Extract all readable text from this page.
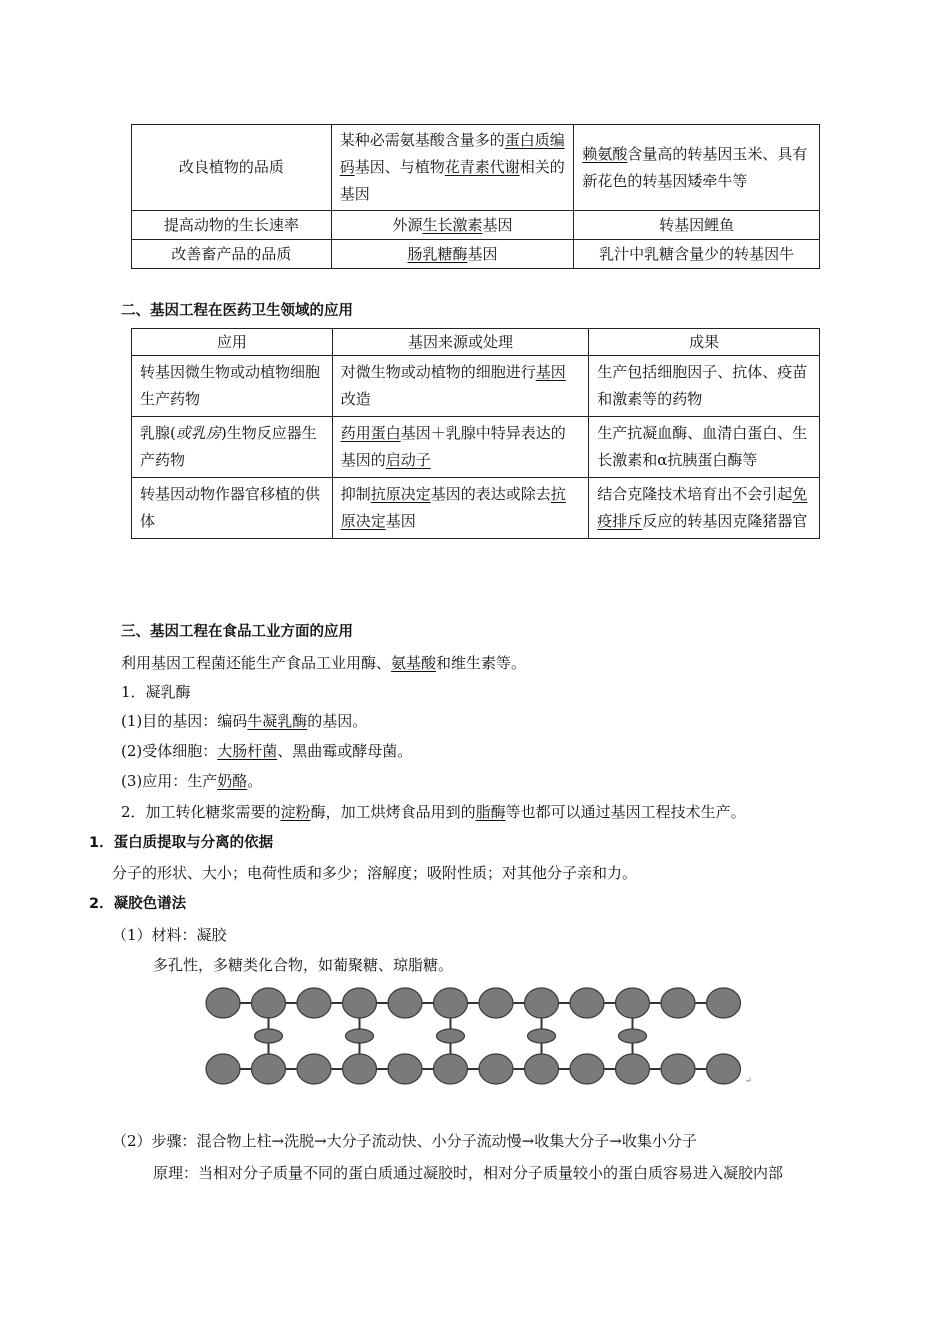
改良植物的品质	某种必需氨基酸含量多的蛋白质编码基因、与植物花青素代谢相关的基因	赖氨酸含量高的转基因玉米、具有新花色的转基因矮牵牛等
提高动物的生长速率	外源生长激素基因	转基因鲤鱼
改善畜产品的品质	肠乳糖酶基因	乳汁中乳糖含量少的转基因牛
二、基因工程在医药卫生领域的应用
应用	基因来源或处理	成果
转基因微生物或动植物细胞生产药物	对微生物或动植物的细胞进行基因改造	生产包括细胞因子、抗体、疫苗和激素等的药物
乳腺(或乳房)生物反应器生产药物	药用蛋白基因＋乳腺中特异表达的基因的启动子	生产抗凝血酶、血清白蛋白、生长激素和α抗胰蛋白酶等
转基因动物作器官移植的供体	抑制抗原决定基因的表达或除去抗原决定基因	结合克隆技术培育出不会引起免疫排斥反应的转基因克隆猪器官
三、基因工程在食品工业方面的应用
利用基因工程菌还能生产食品工业用酶、氨基酸和维生素等。
1．凝乳酶
(1)目的基因：编码牛凝乳酶的基因。
(2)受体细胞：大肠杆菌、黑曲霉或酵母菌。
(3)应用：生产奶酪。
2．加工转化糖浆需要的淀粉酶，加工烘烤食品用到的脂酶等也都可以通过基因工程技术生产。
1．蛋白质提取与分离的依据
分子的形状、大小；电荷性质和多少；溶解度；吸附性质；对其他分子亲和力。
2．凝胶色谱法
（1）材料：凝胶
多孔性，多糖类化合物，如葡聚糖、琼脂糖。
↵
（2）步骤：混合物上柱→洗脱→大分子流动快、小分子流动慢→收集大分子→收集小分子
原理：当相对分子质量不同的蛋白质通过凝胶时，相对分子质量较小的蛋白质容易进入凝胶内部
